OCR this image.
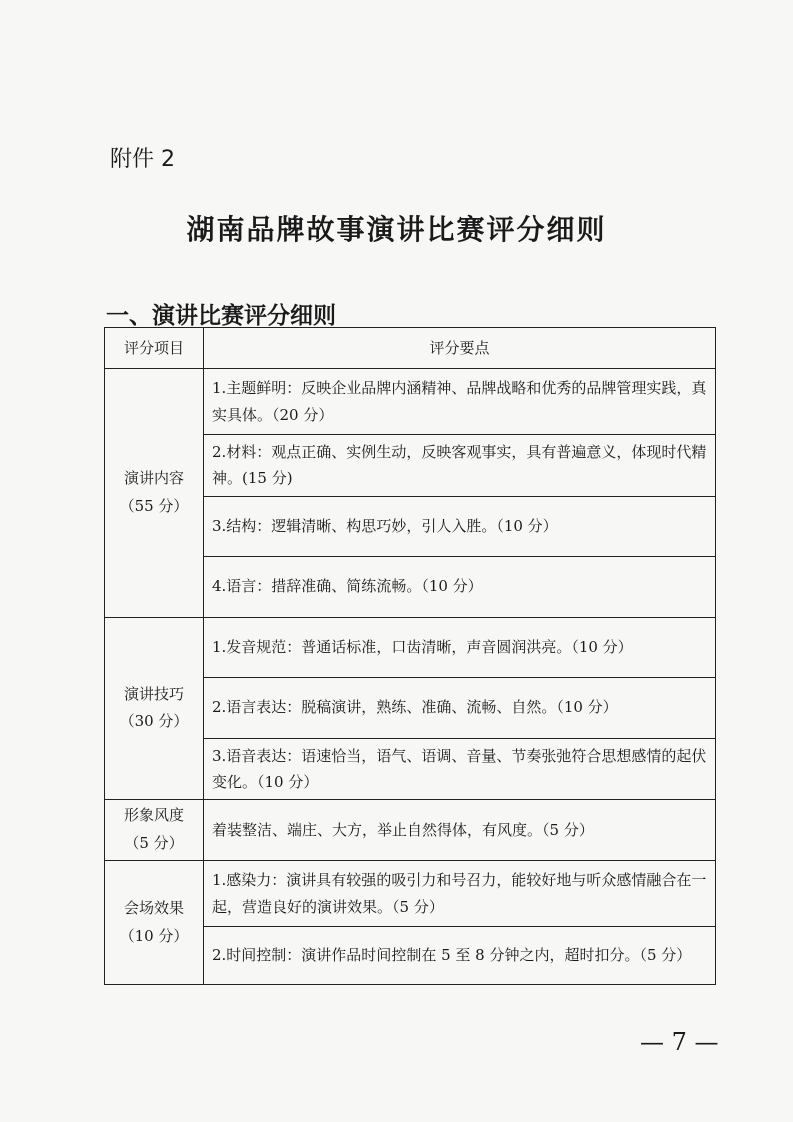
附件 2
湖南品牌故事演讲比赛评分细则
一、演讲比赛评分细则
评分项目	评分要点

演讲内容
（55 分）	1.主题鲜明：反映企业品牌内涵精神、品牌战略和优秀的品牌管理实践，真实具体。（20 分）
	2.材料：观点正确、实例生动，反映客观事实，具有普遍意义，体现时代精神。(15 分)
	3.结构：逻辑清晰、构思巧妙，引人入胜。（10 分）
	4.语言：措辞准确、简练流畅。（10 分）

演讲技巧
（30 分）	1.发音规范：普通话标准，口齿清晰，声音圆润洪亮。（10 分）
	2.语言表达：脱稿演讲，熟练、准确、流畅、自然。（10 分）
	3.语音表达：语速恰当，语气、语调、音量、节奏张弛符合思想感情的起伏变化。（10 分）

形象风度
（5 分）	着装整洁、端庄、大方，举止自然得体，有风度。（5 分）

会场效果
（10 分）	1.感染力：演讲具有较强的吸引力和号召力，能较好地与听众感情融合在一起，营造良好的演讲效果。（5 分）
	2.时间控制：演讲作品时间控制在 5 至 8 分钟之内，超时扣分。（5 分）
— 7 —
